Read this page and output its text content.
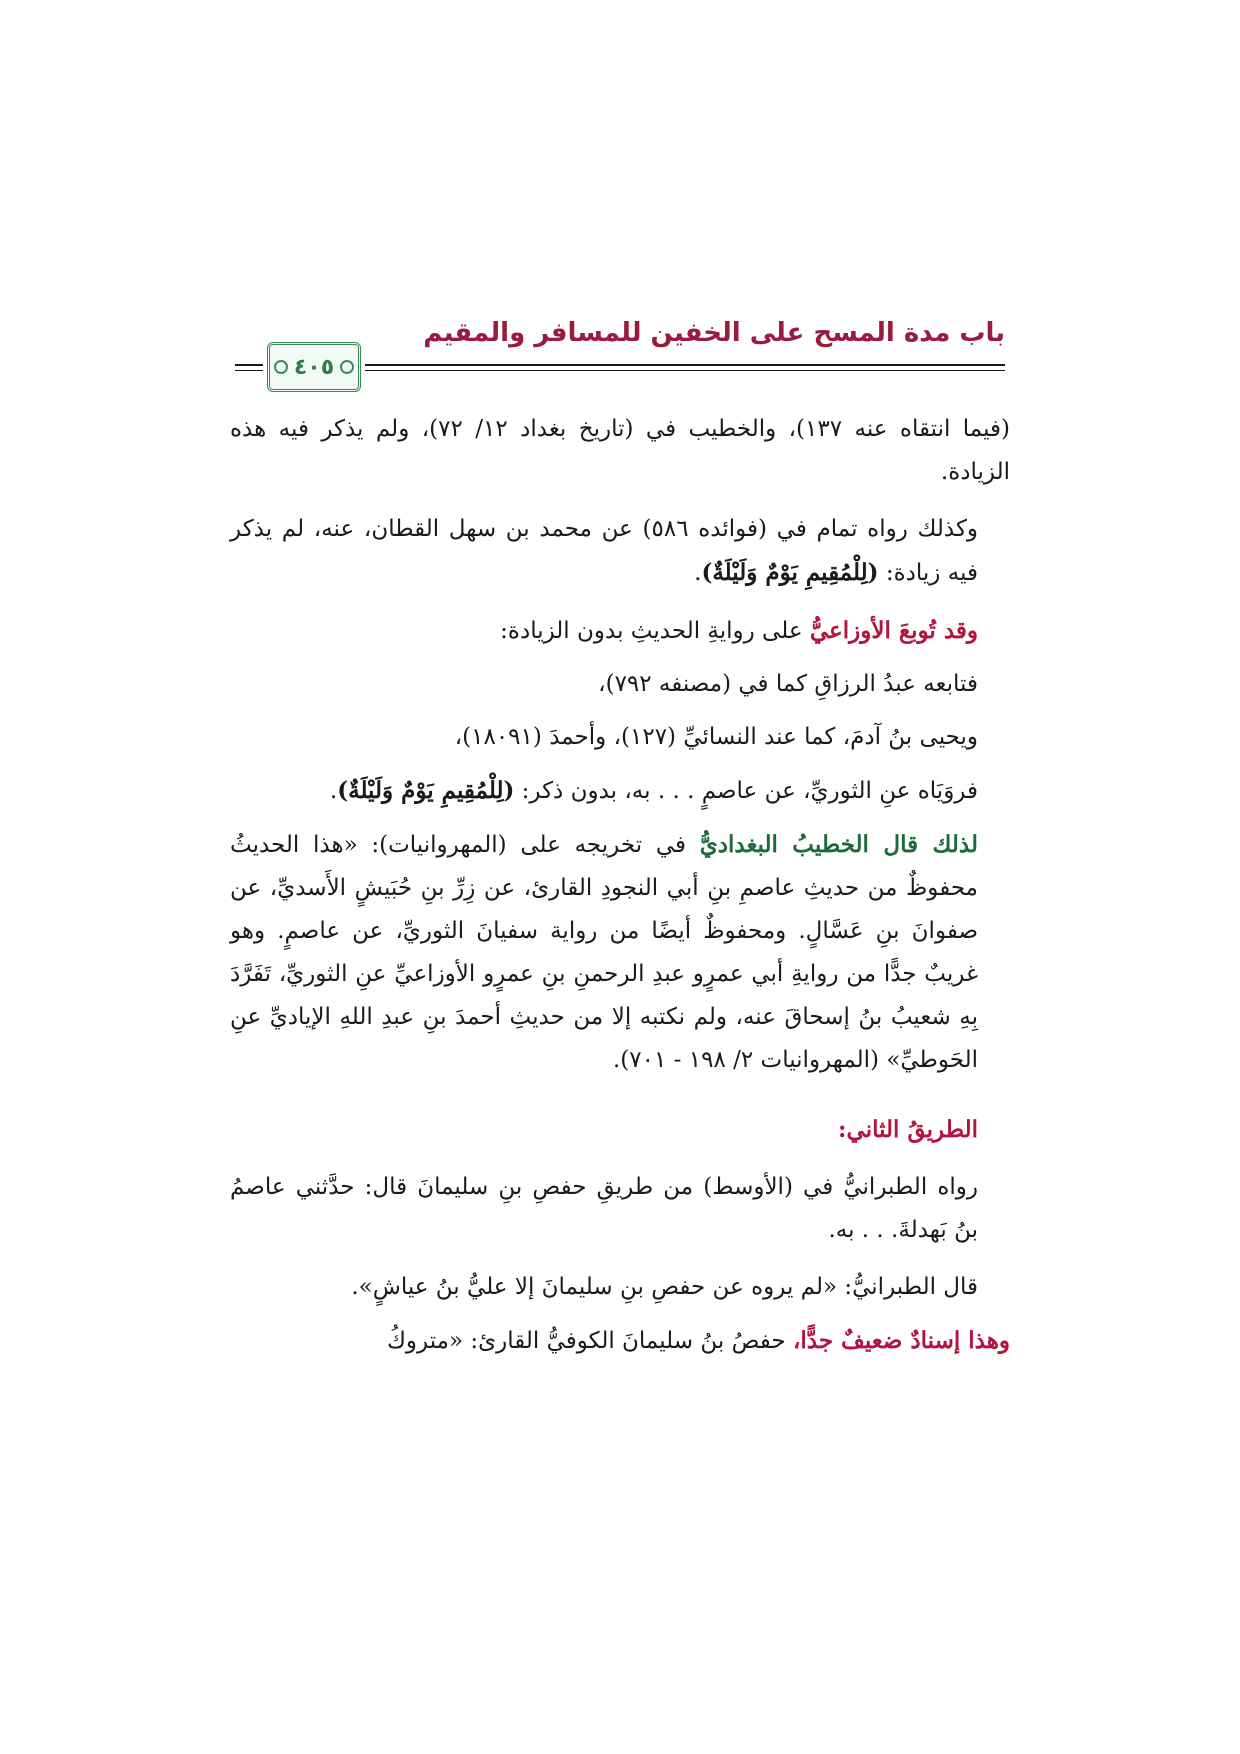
باب مدة المسح على الخفين للمسافر والمقيم
٤٠٥

(فيما انتقاه عنه ١٣٧)، والخطيب في (تاريخ بغداد ١٢/ ٧٢)، ولم يذكر فيه هذه الزيادة.

وكذلك رواه تمام في (فوائده ٥٨٦) عن محمد بن سهل القطان، عنه، لم يذكر فيه زيادة: (لِلْمُقِيمِ يَوْمٌ وَلَيْلَةٌ).

وقد تُوبعَ الأوزاعيُّ على روايةِ الحديثِ بدون الزيادة:

فتابعه عبدُ الرزاقِ كما في (مصنفه ٧٩٢)،

ويحيى بنُ آدمَ، كما عند النسائيِّ (١٢٧)، وأحمدَ (١٨٠٩١)،

فروَيَاه عنِ الثوريِّ، عن عاصمٍ . . . به، بدون ذكر: (لِلْمُقِيمِ يَوْمٌ وَلَيْلَةٌ).

لذلك قال الخطيبُ البغداديُّ في تخريجه على (المهروانيات): «هذا الحديثُ محفوظٌ من حديثِ عاصمِ بنِ أبي النجودِ القارئ، عن زِرِّ بنِ حُبَيشٍ الأَسديِّ، عن صفوانَ بنِ عَسَّالٍ. ومحفوظٌ أيضًا من رواية سفيانَ الثوريِّ، عن عاصمٍ. وهو غريبٌ جدًّا من روايةِ أبي عمرٍو عبدِ الرحمنِ بنِ عمرٍو الأوزاعيِّ عنِ الثوريِّ، تَفَرَّدَ بِهِ شعيبُ بنُ إسحاقَ عنه، ولم نكتبه إلا من حديثِ أحمدَ بنِ عبدِ اللهِ الإياديِّ عنِ الحَوطيِّ» (المهروانيات ٢/ ١٩٨ - ٧٠١).

الطريقُ الثاني:

رواه الطبرانيُّ في (الأوسط) من طريقِ حفصِ بنِ سليمانَ قال: حدَّثني عاصمُ بنُ بَهدلةَ. . . به.

قال الطبرانيُّ: «لم يروه عن حفصِ بنِ سليمانَ إلا عليُّ بنُ عياشٍ».

وهذا إسنادٌ ضعيفٌ جدًّا، حفصُ بنُ سليمانَ الكوفيُّ القارئ: «متروكُ
